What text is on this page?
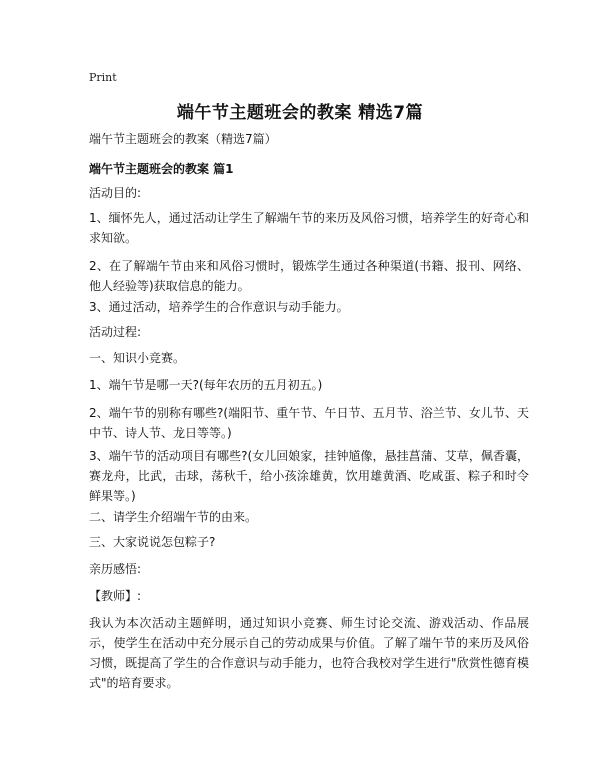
Print
端午节主题班会的教案 精选7篇
端午节主题班会的教案（精选7篇）
端午节主题班会的教案 篇1
活动目的:
1、缅怀先人，通过活动让学生了解端午节的来历及风俗习惯，培养学生的好奇心和求知欲。
2、在了解端午节由来和风俗习惯时，锻炼学生通过各种渠道(书籍、报刊、网络、他人经验等)获取信息的能力。
3、通过活动，培养学生的合作意识与动手能力。
活动过程:
一、知识小竞赛。
1、端午节是哪一天?(每年农历的五月初五。)
2、端午节的别称有哪些?(端阳节、重午节、午日节、五月节、浴兰节、女儿节、天中节、诗人节、龙日等等。)
3、端午节的活动项目有哪些?(女儿回娘家，挂钟馗像，悬挂菖蒲、艾草，佩香囊，赛龙舟，比武，击球，荡秋千，给小孩涂雄黄，饮用雄黄酒、吃咸蛋、粽子和时令鲜果等。)
二、请学生介绍端午节的由来。
三、大家说说怎包粽子?
亲历感悟:
【教师】:
我认为本次活动主题鲜明，通过知识小竞赛、师生讨论交流、游戏活动、作品展示，使学生在活动中充分展示自己的劳动成果与价值。了解了端午节的来历及风俗习惯，既提高了学生的合作意识与动手能力，也符合我校对学生进行"欣赏性德育模式"的培育要求。
